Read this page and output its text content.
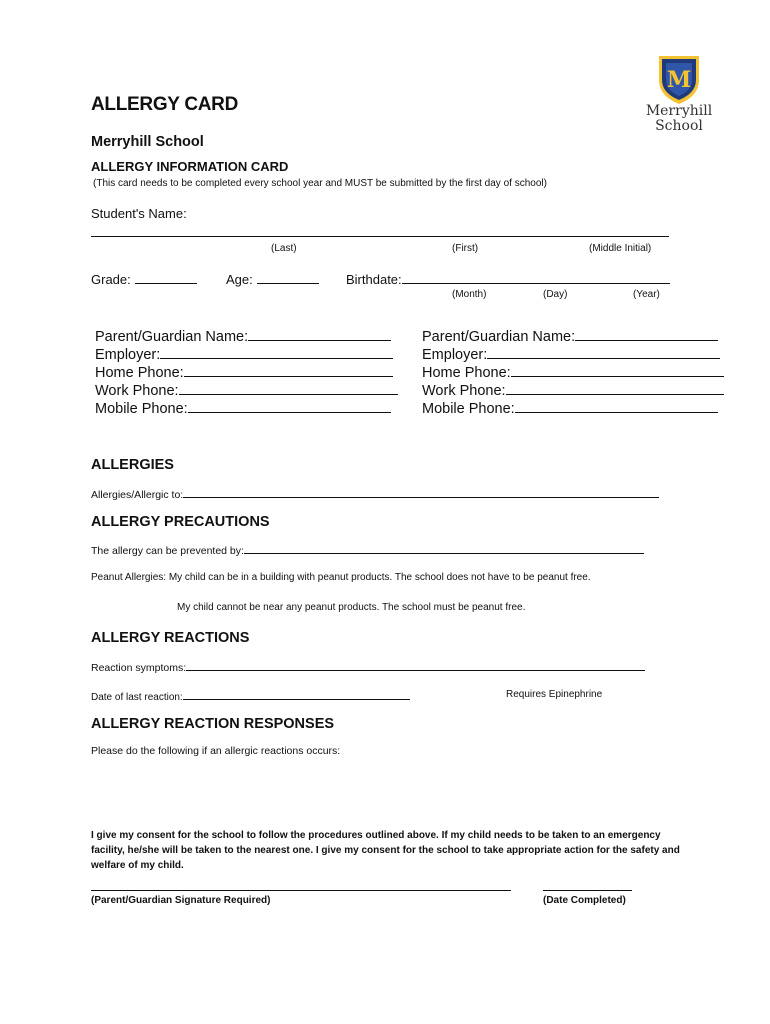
M
Merryhill
School
ALLERGY CARD
Merryhill School
ALLERGY INFORMATION CARD
(This card needs to be completed every school year and MUST be submitted by the first day of school)
Student's Name:
(Last)	(First)	(Middle Initial)
Grade:	Age:	Birthdate:
(Month)	(Day)	(Year)
Parent/Guardian Name:
Employer:
Home Phone:
Work Phone:
Mobile Phone:
Parent/Guardian Name:
Employer:
Home Phone:
Work Phone:
Mobile Phone:
ALLERGIES
Allergies/Allergic to:
ALLERGY PRECAUTIONS
The allergy can be prevented by:
Peanut Allergies: My child can be in a building with peanut products. The school does not have to be peanut free.
My child cannot be near any peanut products. The school must be peanut free.
ALLERGY REACTIONS
Reaction symptoms:
Date of last reaction:	Requires Epinephrine
ALLERGY REACTION RESPONSES
Please do the following if an allergic reactions occurs:
I give my consent for the school to follow the procedures outlined above. If my child needs to be taken to an emergency facility, he/she will be taken to the nearest one. I give my consent for the school to take appropriate action for the safety and welfare of my child.
(Parent/Guardian Signature Required)	(Date Completed)
